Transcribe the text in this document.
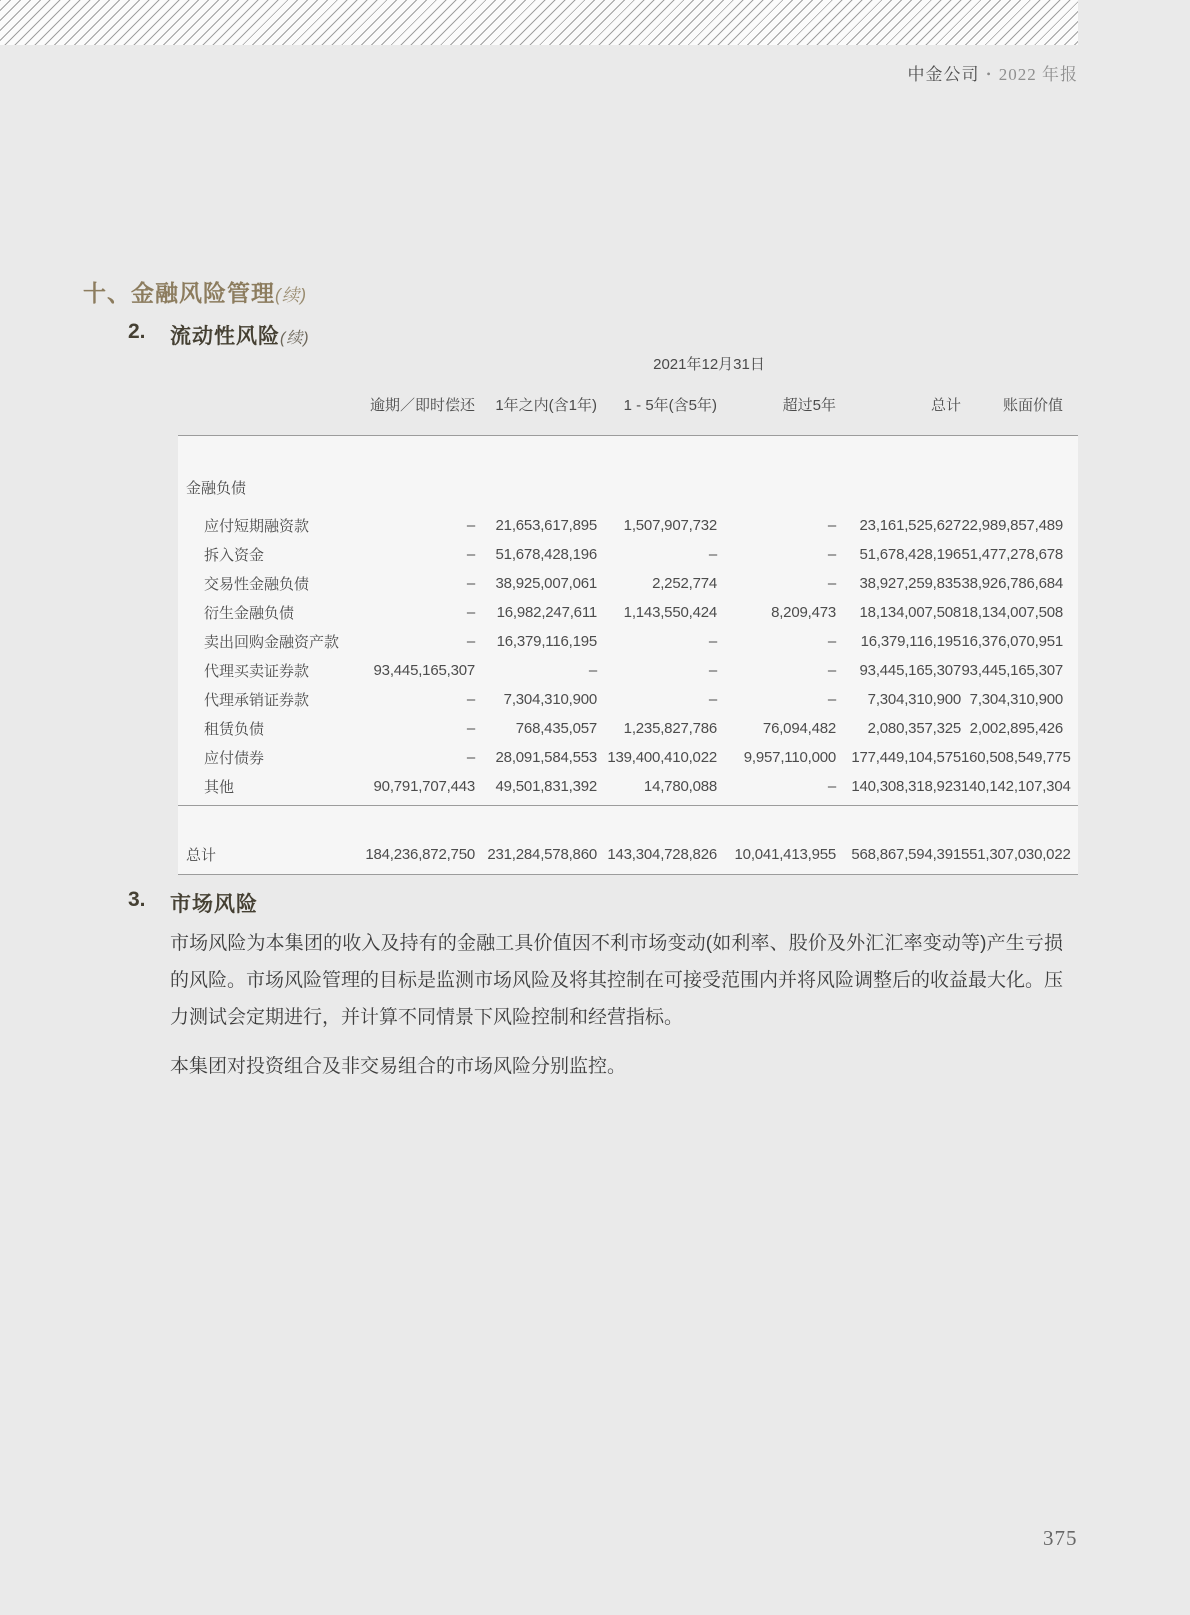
中金公司 • 2022 年报
十、金融风险管理(续)
2.	流动性风险(续)
2021年12月31日
逾期／即时偿还	1年之内(含1年)	1 - 5年(含5年)	超过5年	总计	账面价值
金融负债
应付短期融资款	–	21,653,617,895	1,507,907,732	–	23,161,525,627 22,989,857,489
拆入资金	–	51,678,428,196	–	–	51,678,428,196 51,477,278,678
交易性金融负债	–	38,925,007,061	2,252,774	–	38,927,259,835 38,926,786,684
衍生金融负债	–	16,982,247,611	1,143,550,424	8,209,473	18,134,007,508 18,134,007,508
卖出回购金融资产款	–	16,379,116,195	–	–	16,379,116,195 16,376,070,951
代理买卖证券款	93,445,165,307	–	–	–	93,445,165,307 93,445,165,307
代理承销证券款	–	7,304,310,900	–	–	7,304,310,900 7,304,310,900
租赁负债	–	768,435,057	1,235,827,786	76,094,482	2,080,357,325 2,002,895,426
应付债券	–	28,091,584,553 139,400,410,022	9,957,110,000	177,449,104,575 160,508,549,775
其他	90,791,707,443	49,501,831,392	14,780,088	–	140,308,318,923 140,142,107,304
总计	184,236,872,750 231,284,578,860 143,304,728,826	10,041,413,955	568,867,594,391 551,307,030,022
3.	市场风险
市场风险为本集团的收入及持有的金融工具价值因不利市场变动(如利率、股价及外汇汇率变动等)产生亏损的风险。市场风险管理的目标是监测市场风险及将其控制在可接受范围内并将风险调整后的收益最大化。压力测试会定期进行，并计算不同情景下风险控制和经营指标。
本集团对投资组合及非交易组合的市场风险分别监控。
375
